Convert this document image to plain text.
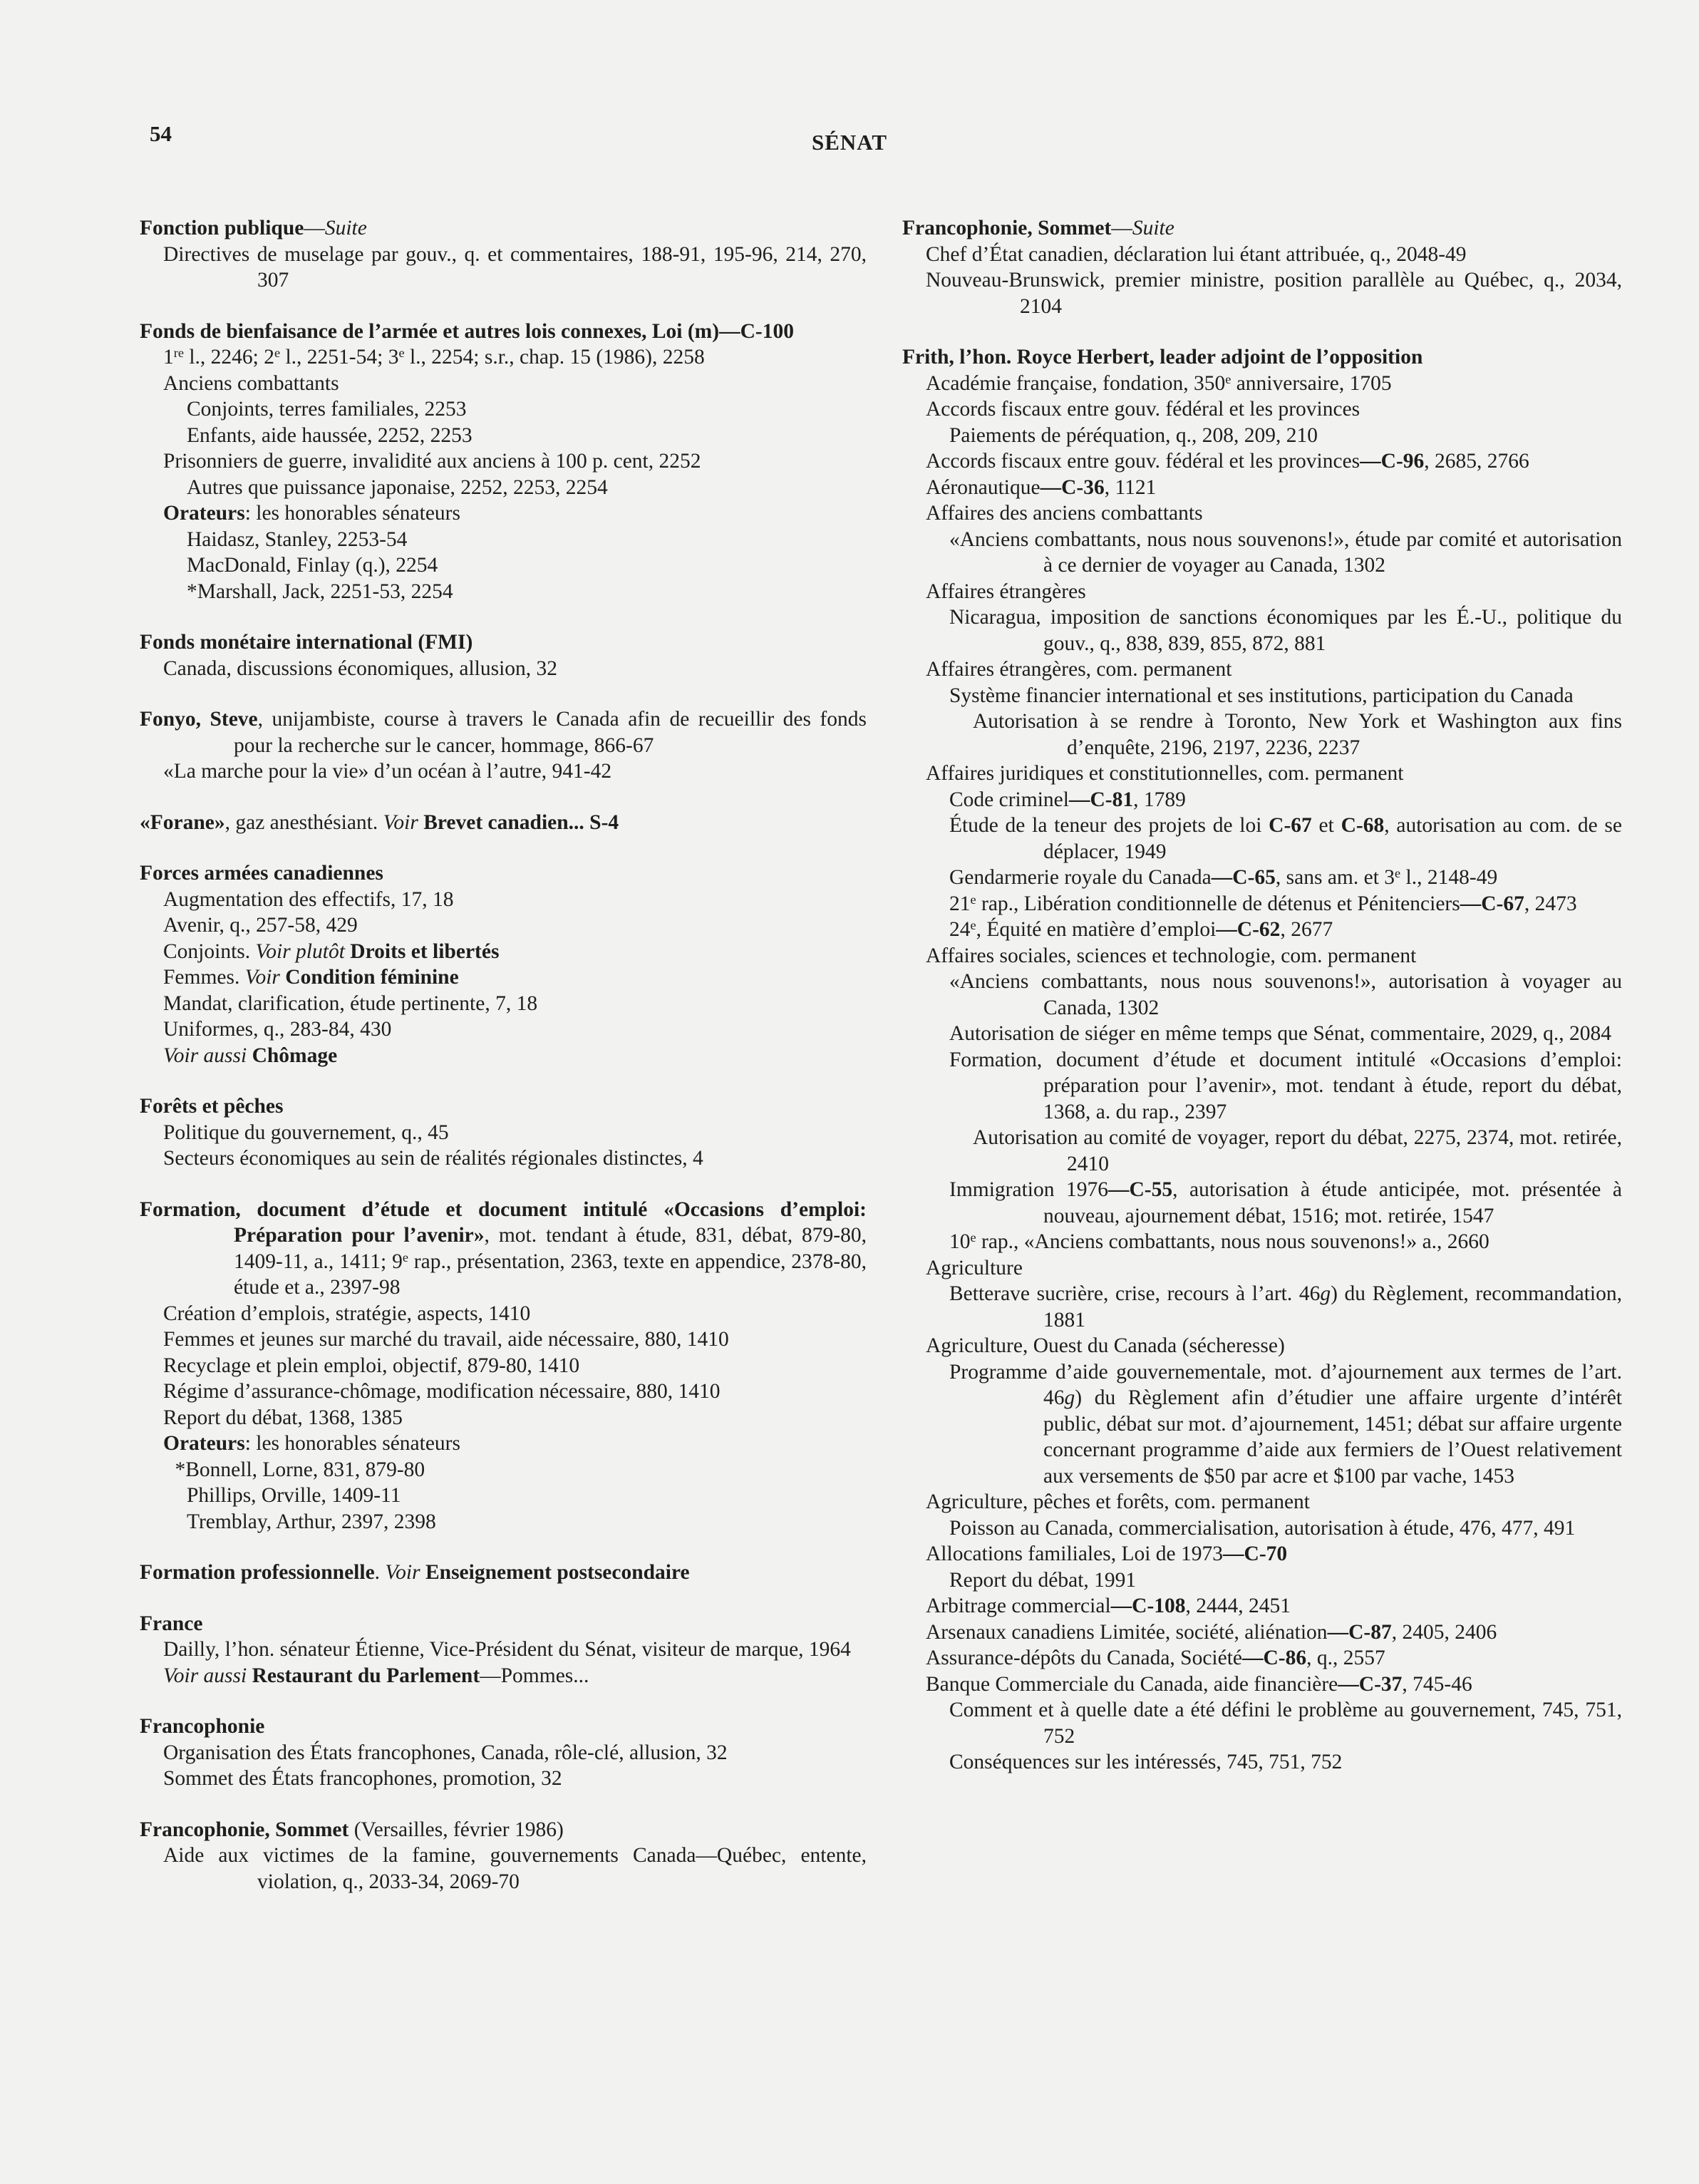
54	SÉNAT

Fonction publique—Suite

Directives de muselage par gouv., q. et commentaires, 188-91, 195-96, 214, 270, 307

Fonds de bienfaisance de l’armée et autres lois connexes, Loi (m)—C-100

1re l., 2246; 2e l., 2251-54; 3e l., 2254; s.r., chap. 15 (1986), 2258

Anciens combattants

Conjoints, terres familiales, 2253

Enfants, aide haussée, 2252, 2253

Prisonniers de guerre, invalidité aux anciens à 100 p. cent, 2252

Autres que puissance japonaise, 2252, 2253, 2254

Orateurs: les honorables sénateurs

Haidasz, Stanley, 2253-54

MacDonald, Finlay (q.), 2254

*Marshall, Jack, 2251-53, 2254

Fonds monétaire international (FMI)

Canada, discussions économiques, allusion, 32

Fonyo, Steve, unijambiste, course à travers le Canada afin de recueillir des fonds pour la recherche sur le cancer, hommage, 866-67

«La marche pour la vie» d’un océan à l’autre, 941-42

«Forane», gaz anesthésiant. Voir Brevet canadien... S-4

Forces armées canadiennes

Augmentation des effectifs, 17, 18

Avenir, q., 257-58, 429

Conjoints. Voir plutôt Droits et libertés

Femmes. Voir Condition féminine

Mandat, clarification, étude pertinente, 7, 18

Uniformes, q., 283-84, 430

Voir aussi Chômage

Forêts et pêches

Politique du gouvernement, q., 45

Secteurs économiques au sein de réalités régionales distinctes, 4

Formation, document d’étude et document intitulé «Occasions d’emploi: Préparation pour l’avenir», mot. tendant à étude, 831, débat, 879-80, 1409-11, a., 1411; 9e rap., présentation, 2363, texte en appendice, 2378-80, étude et a., 2397-98

Création d’emplois, stratégie, aspects, 1410

Femmes et jeunes sur marché du travail, aide nécessaire, 880, 1410

Recyclage et plein emploi, objectif, 879-80, 1410

Régime d’assurance-chômage, modification nécessaire, 880, 1410

Report du débat, 1368, 1385

Orateurs: les honorables sénateurs

*Bonnell, Lorne, 831, 879-80

Phillips, Orville, 1409-11

Tremblay, Arthur, 2397, 2398

Formation professionnelle. Voir Enseignement postsecondaire

France

Dailly, l’hon. sénateur Étienne, Vice-Président du Sénat, visiteur de marque, 1964

Voir aussi Restaurant du Parlement—Pommes...

Francophonie

Organisation des États francophones, Canada, rôle-clé, allusion, 32

Sommet des États francophones, promotion, 32

Francophonie, Sommet (Versailles, février 1986)

Aide aux victimes de la famine, gouvernements Canada—Québec, entente, violation, q., 2033-34, 2069-70

Francophonie, Sommet—Suite

Chef d’État canadien, déclaration lui étant attribuée, q., 2048-49

Nouveau-Brunswick, premier ministre, position parallèle au Québec, q., 2034, 2104

Frith, l’hon. Royce Herbert, leader adjoint de l’opposition

Académie française, fondation, 350e anniversaire, 1705

Accords fiscaux entre gouv. fédéral et les provinces

Paiements de péréquation, q., 208, 209, 210

Accords fiscaux entre gouv. fédéral et les provinces—C-96, 2685, 2766

Aéronautique—C-36, 1121

Affaires des anciens combattants

«Anciens combattants, nous nous souvenons!», étude par comité et autorisation à ce dernier de voyager au Canada, 1302

Affaires étrangères

Nicaragua, imposition de sanctions économiques par les É.-U., politique du gouv., q., 838, 839, 855, 872, 881

Affaires étrangères, com. permanent

Système financier international et ses institutions, participation du Canada

Autorisation à se rendre à Toronto, New York et Washington aux fins d’enquête, 2196, 2197, 2236, 2237

Affaires juridiques et constitutionnelles, com. permanent

Code criminel—C-81, 1789

Étude de la teneur des projets de loi C-67 et C-68, autorisation au com. de se déplacer, 1949

Gendarmerie royale du Canada—C-65, sans am. et 3e l., 2148-49

21e rap., Libération conditionnelle de détenus et Pénitenciers—C-67, 2473

24e, Équité en matière d’emploi—C-62, 2677

Affaires sociales, sciences et technologie, com. permanent

«Anciens combattants, nous nous souvenons!», autorisation à voyager au Canada, 1302

Autorisation de siéger en même temps que Sénat, commentaire, 2029, q., 2084

Formation, document d’étude et document intitulé «Occasions d’emploi: préparation pour l’avenir», mot. tendant à étude, report du débat, 1368, a. du rap., 2397

Autorisation au comité de voyager, report du débat, 2275, 2374, mot. retirée, 2410

Immigration 1976—C-55, autorisation à étude anticipée, mot. présentée à nouveau, ajournement débat, 1516; mot. retirée, 1547

10e rap., «Anciens combattants, nous nous souvenons!» a., 2660

Agriculture

Betterave sucrière, crise, recours à l’art. 46g) du Règlement, recommandation, 1881

Agriculture, Ouest du Canada (sécheresse)

Programme d’aide gouvernementale, mot. d’ajournement aux termes de l’art. 46g) du Règlement afin d’étudier une affaire urgente d’intérêt public, débat sur mot. d’ajournement, 1451; débat sur affaire urgente concernant programme d’aide aux fermiers de l’Ouest relativement aux versements de $50 par acre et $100 par vache, 1453

Agriculture, pêches et forêts, com. permanent

Poisson au Canada, commercialisation, autorisation à étude, 476, 477, 491

Allocations familiales, Loi de 1973—C-70

Report du débat, 1991

Arbitrage commercial—C-108, 2444, 2451

Arsenaux canadiens Limitée, société, aliénation—C-87, 2405, 2406

Assurance-dépôts du Canada, Société—C-86, q., 2557

Banque Commerciale du Canada, aide financière—C-37, 745-46

Comment et à quelle date a été défini le problème au gouvernement, 745, 751, 752

Conséquences sur les intéressés, 745, 751, 752
